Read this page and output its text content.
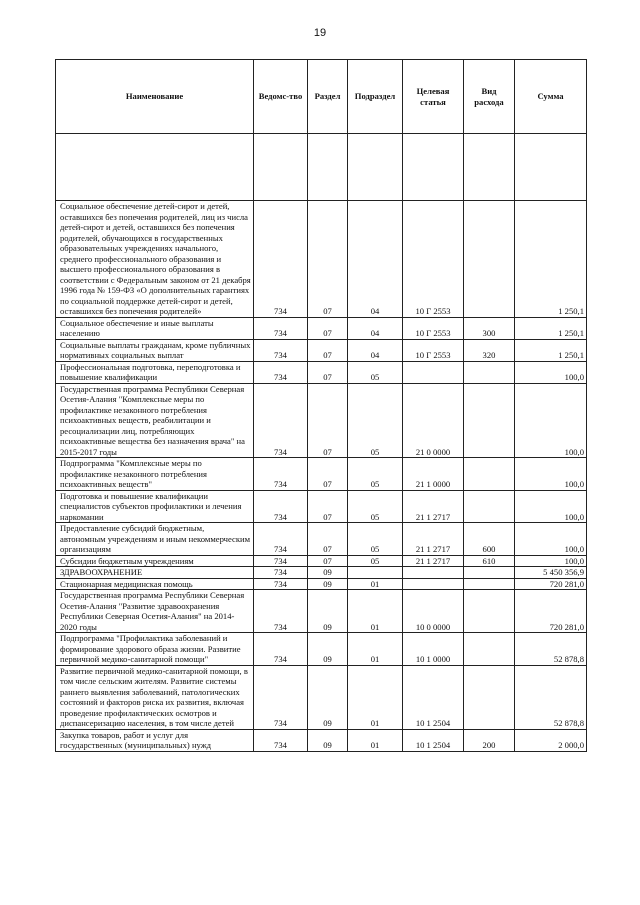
19
Наименование	Ведомс-тво	Раздел	Подраздел	Целевая статья	Вид расхода	Сумма

Социальное обеспечение детей-сирот и детей, оставшихся без попечения родителей, лиц из числа детей-сирот и детей, оставшихся без попечения родителей, обучающихся в государственных образовательных учреждениях начального, среднего профессионального образования и высшего профессионального образования в соответствии с Федеральным законом от 21 декабря 1996 года № 159-ФЗ «О дополнительных гарантиях по социальной поддержке детей-сирот и детей, оставшихся без попечения родителей»	734	07	04	10 Г 2553		1 250,1
Социальное обеспечение и иные выплаты населению	734	07	04	10 Г 2553	300	1 250,1
Социальные выплаты гражданам, кроме публичных нормативных социальных выплат	734	07	04	10 Г 2553	320	1 250,1
Профессиональная подготовка, переподготовка и повышение квалификации	734	07	05			100,0
Государственная программа Республики Северная Осетия-Алания "Комплексные меры по профилактике незаконного потребления психоактивных веществ, реабилитации и ресоциализации лиц, потребляющих психоактивные вещества без назначения врача" на 2015-2017 годы	734	07	05	21 0 0000		100,0
Подпрограмма "Комплексные меры по профилактике незаконного потребления психоактивных веществ"	734	07	05	21 1 0000		100,0
Подготовка и повышение квалификации специалистов субъектов профилактики и лечения наркомании	734	07	05	21 1 2717		100,0
Предоставление субсидий бюджетным, автономным учреждениям и иным некоммерческим организациям	734	07	05	21 1 2717	600	100,0
Субсидии бюджетным учреждениям	734	07	05	21 1 2717	610	100,0
ЗДРАВООХРАНЕНИЕ	734	09				5 450 356,9
Стационарная медицинская помощь	734	09	01			720 281,0
Государственная программа Республики Северная Осетия-Алания "Развитие здравоохранения Республики Северная Осетия-Алания" на 2014-2020 годы	734	09	01	10 0 0000		720 281,0
Подпрограмма "Профилактика заболеваний и формирование здорового образа жизни. Развитие первичной медико-санитарной помощи"	734	09	01	10 1 0000		52 878,8
Развитие первичной медико-санитарной помощи, в том числе сельским жителям. Развитие системы раннего выявления заболеваний, патологических состояний и факторов риска их развития, включая проведение профилактических осмотров и диспансеризацию населения, в том числе детей	734	09	01	10 1 2504		52 878,8
Закупка товаров, работ и услуг для государственных (муниципальных) нужд	734	09	01	10 1 2504	200	2 000,0
